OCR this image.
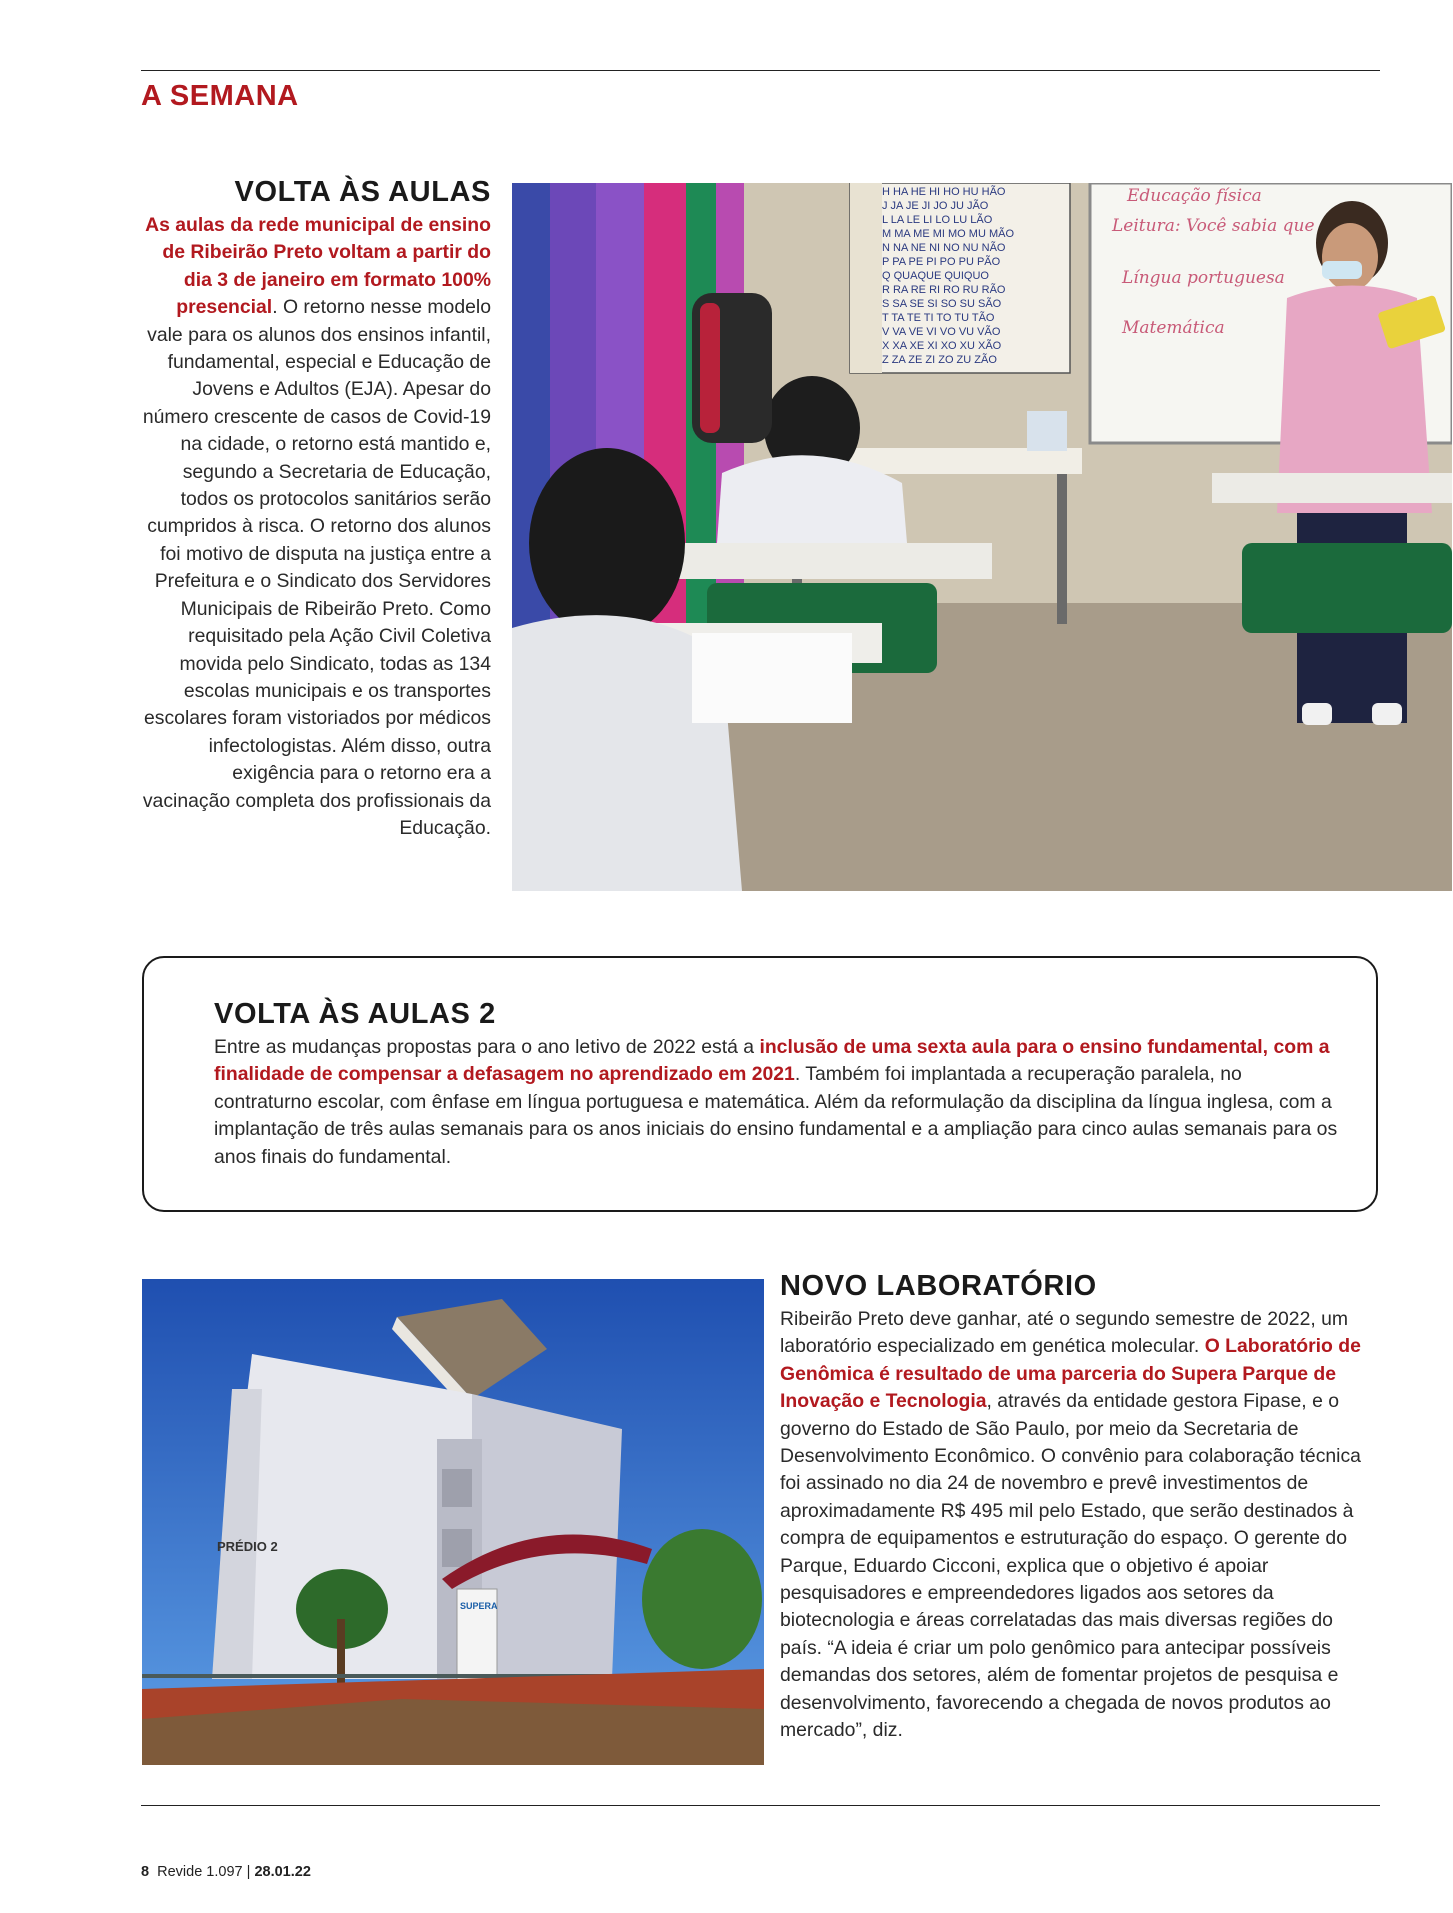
A SEMANA
VOLTA ÀS AULAS
As aulas da rede municipal de ensino de Ribeirão Preto voltam a partir do dia 3 de janeiro em formato 100% presencial. O retorno nesse modelo vale para os alunos dos ensinos infantil, fundamental, especial e Educação de Jovens e Adultos (EJA). Apesar do número crescente de casos de Covid-19 na cidade, o retorno está mantido e, segundo a Secretaria de Educação, todos os protocolos sanitários serão cumpridos à risca. O retorno dos alunos foi motivo de disputa na justiça entre a Prefeitura e o Sindicato dos Servidores Municipais de Ribeirão Preto. Como requisitado pela Ação Civil Coletiva movida pelo Sindicato, todas as 134 escolas municipais e os transportes escolares foram vistoriados por médicos infectologistas. Além disso, outra exigência para o retorno era a vacinação completa dos profissionais da Educação.
H HA HE HI HO HU HÃO
J JA JE JI JO JU JÃO
L LA LE LI LO LU LÃO
M MA ME MI MO MU MÃO
N NA NE NI NO NU NÃO
P PA PE PI PO PU PÃO
Q QUAQUE QUIQUO
R RA RE RI RO RU RÃO
S SA SE SI SO SU SÃO
T TA TE TI TO TU TÃO
V VA VE VI VO VU VÃO
X XA XE XI XO XU XÃO
Z ZA ZE ZI ZO ZU ZÃO
Educação física
Leitura: Você sabia que
Língua portuguesa
Matemática
VOLTA ÀS AULAS 2
Entre as mudanças propostas para o ano letivo de 2022 está a inclusão de uma sexta aula para o ensino fundamental, com a finalidade de compensar a defasagem no aprendizado em 2021. Também foi implantada a recuperação paralela, no contraturno escolar, com ênfase em língua portuguesa e matemática. Além da reformulação da disciplina da língua inglesa, com a implantação de três aulas semanais para os anos iniciais do ensino fundamental e a ampliação para cinco aulas semanais para os anos finais do fundamental.
PRÉDIO 2
SUPERA
NOVO LABORATÓRIO
Ribeirão Preto deve ganhar, até o segundo semestre de 2022, um laboratório especializado em genética molecular. O Laboratório de Genômica é resultado de uma parceria do Supera Parque de Inovação e Tecnologia, através da entidade gestora Fipase, e o governo do Estado de São Paulo, por meio da Secretaria de Desenvolvimento Econômico. O convênio para colaboração técnica foi assinado no dia 24 de novembro e prevê investimentos de aproximadamente R$ 495 mil pelo Estado, que serão destinados à compra de equipamentos e estruturação do espaço. O gerente do Parque, Eduardo Cicconi, explica que o objetivo é apoiar pesquisadores e empreendedores ligados aos setores da biotecnologia e áreas correlatadas das mais diversas regiões do país. “A ideia é criar um polo genômico para antecipar possíveis demandas dos setores, além de fomentar projetos de pesquisa e desenvolvimento, favorecendo a chegada de novos produtos ao mercado”, diz.
8 Revide 1.097 | 28.01.22
